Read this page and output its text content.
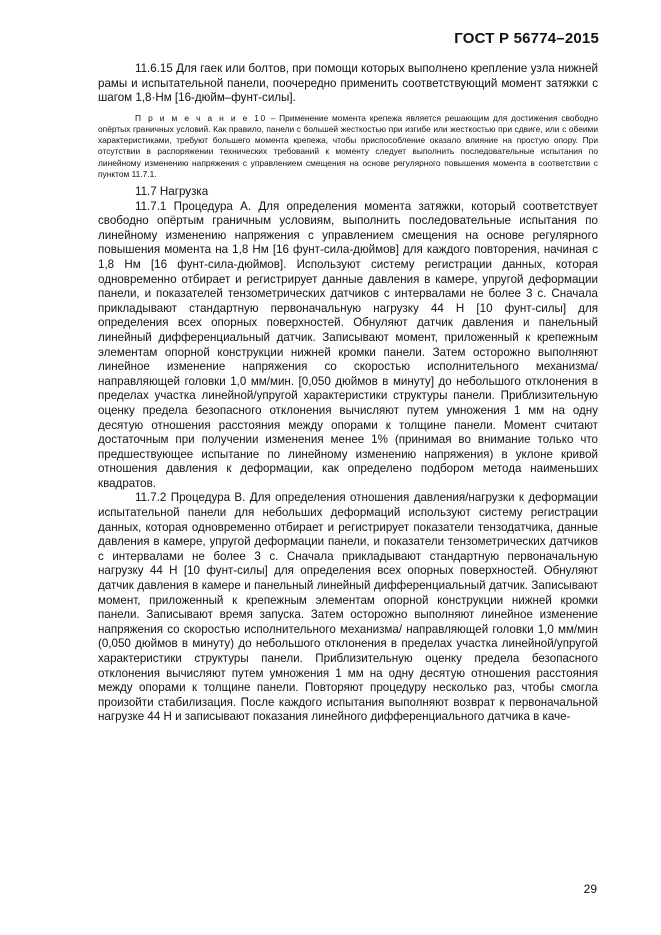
ГОСТ Р 56774–2015

11.6.15 Для гаек или болтов, при помощи которых выполнено крепление узла нижней рамы и испытательной панели, поочередно применить соответствующий момент затяжки с шагом 1,8·Нм [16-дюйм–фунт-силы].

П р и м е ч а н и е 10 – Применение момента крепежа является решающим для достижения свободно опёртых граничных условий. Как правило, панели с большей жесткостью при изгибе или жесткостью при сдвиге, или с обеими характеристиками, требуют большего момента крепежа, чтобы приспособление оказало влияние на простую опору. При отсутствии в распоряжении технических требований к моменту следует выполнить последовательные испытания по линейному изменению напряжения с управлением смещения на основе регулярного повышения момента в соответствии с пунктом 11.7.1.

11.7 Нагрузка

11.7.1 Процедура А. Для определения момента затяжки, который соответствует свободно опёртым граничным условиям, выполнить последовательные испытания по линейному изменению напряжения с управлением смещения на основе регулярного повышения момента на 1,8 Нм [16 фунт-сила-дюймов] для каждого повторения, начиная с 1,8 Нм [16 фунт-сила-дюймов]. Используют систему регистрации данных, которая одновременно отбирает и регистрирует данные давления в камере, упругой деформации панели, и показателей тензометрических датчиков с интервалами не более 3 с. Сначала прикладывают стандартную первоначальную нагрузку 44 Н [10 фунт-силы] для определения всех опорных поверхностей. Обнуляют датчик давления и панельный линейный дифференциальный датчик. Записывают момент, приложенный к крепежным элементам опорной конструкции нижней кромки панели. Затем осторожно выполняют линейное изменение напряжения со скоростью исполнительного механизма/ направляющей головки 1,0 мм/мин. [0,050 дюймов в минуту] до небольшого отклонения в пределах участка линейной/упругой характеристики структуры панели. Приблизительную оценку предела безопасного отклонения вычисляют путем умножения 1 мм на одну десятую отношения расстояния между опорами к толщине панели. Момент считают достаточным при получении изменения менее 1% (принимая во внимание только что предшествующее испытание по линейному изменению напряжения) в уклоне кривой отношения давления к деформации, как определено подбором метода наименьших квадратов.

11.7.2 Процедура В. Для определения отношения давления/нагрузки к деформации испытательной панели для небольших деформаций используют систему регистрации данных, которая одновременно отбирает и регистрирует показатели тензодатчика, данные давления в камере, упругой деформации панели, и показатели тензометрических датчиков с интервалами не более 3 с. Сначала прикладывают стандартную первоначальную нагрузку 44 Н [10 фунт-силы] для определения всех опорных поверхностей. Обнуляют датчик давления в камере и панельный линейный дифференциальный датчик. Записывают момент, приложенный к крепежным элементам опорной конструкции нижней кромки панели. Записывают время запуска. Затем осторожно выполняют линейное изменение напряжения со скоростью исполнительного механизма/ направляющей головки 1,0 мм/мин (0,050 дюймов в минуту) до небольшого отклонения в пределах участка линейной/упругой характеристики структуры панели. Приблизительную оценку предела безопасного отклонения вычисляют путем умножения 1 мм на одну десятую отношения расстояния между опорами к толщине панели. Повторяют процедуру несколько раз, чтобы смогла произойти стабилизация. После каждого испытания выполняют возврат к первоначальной нагрузке 44 Н и записывают показания линейного дифференциального датчика в каче-

29
